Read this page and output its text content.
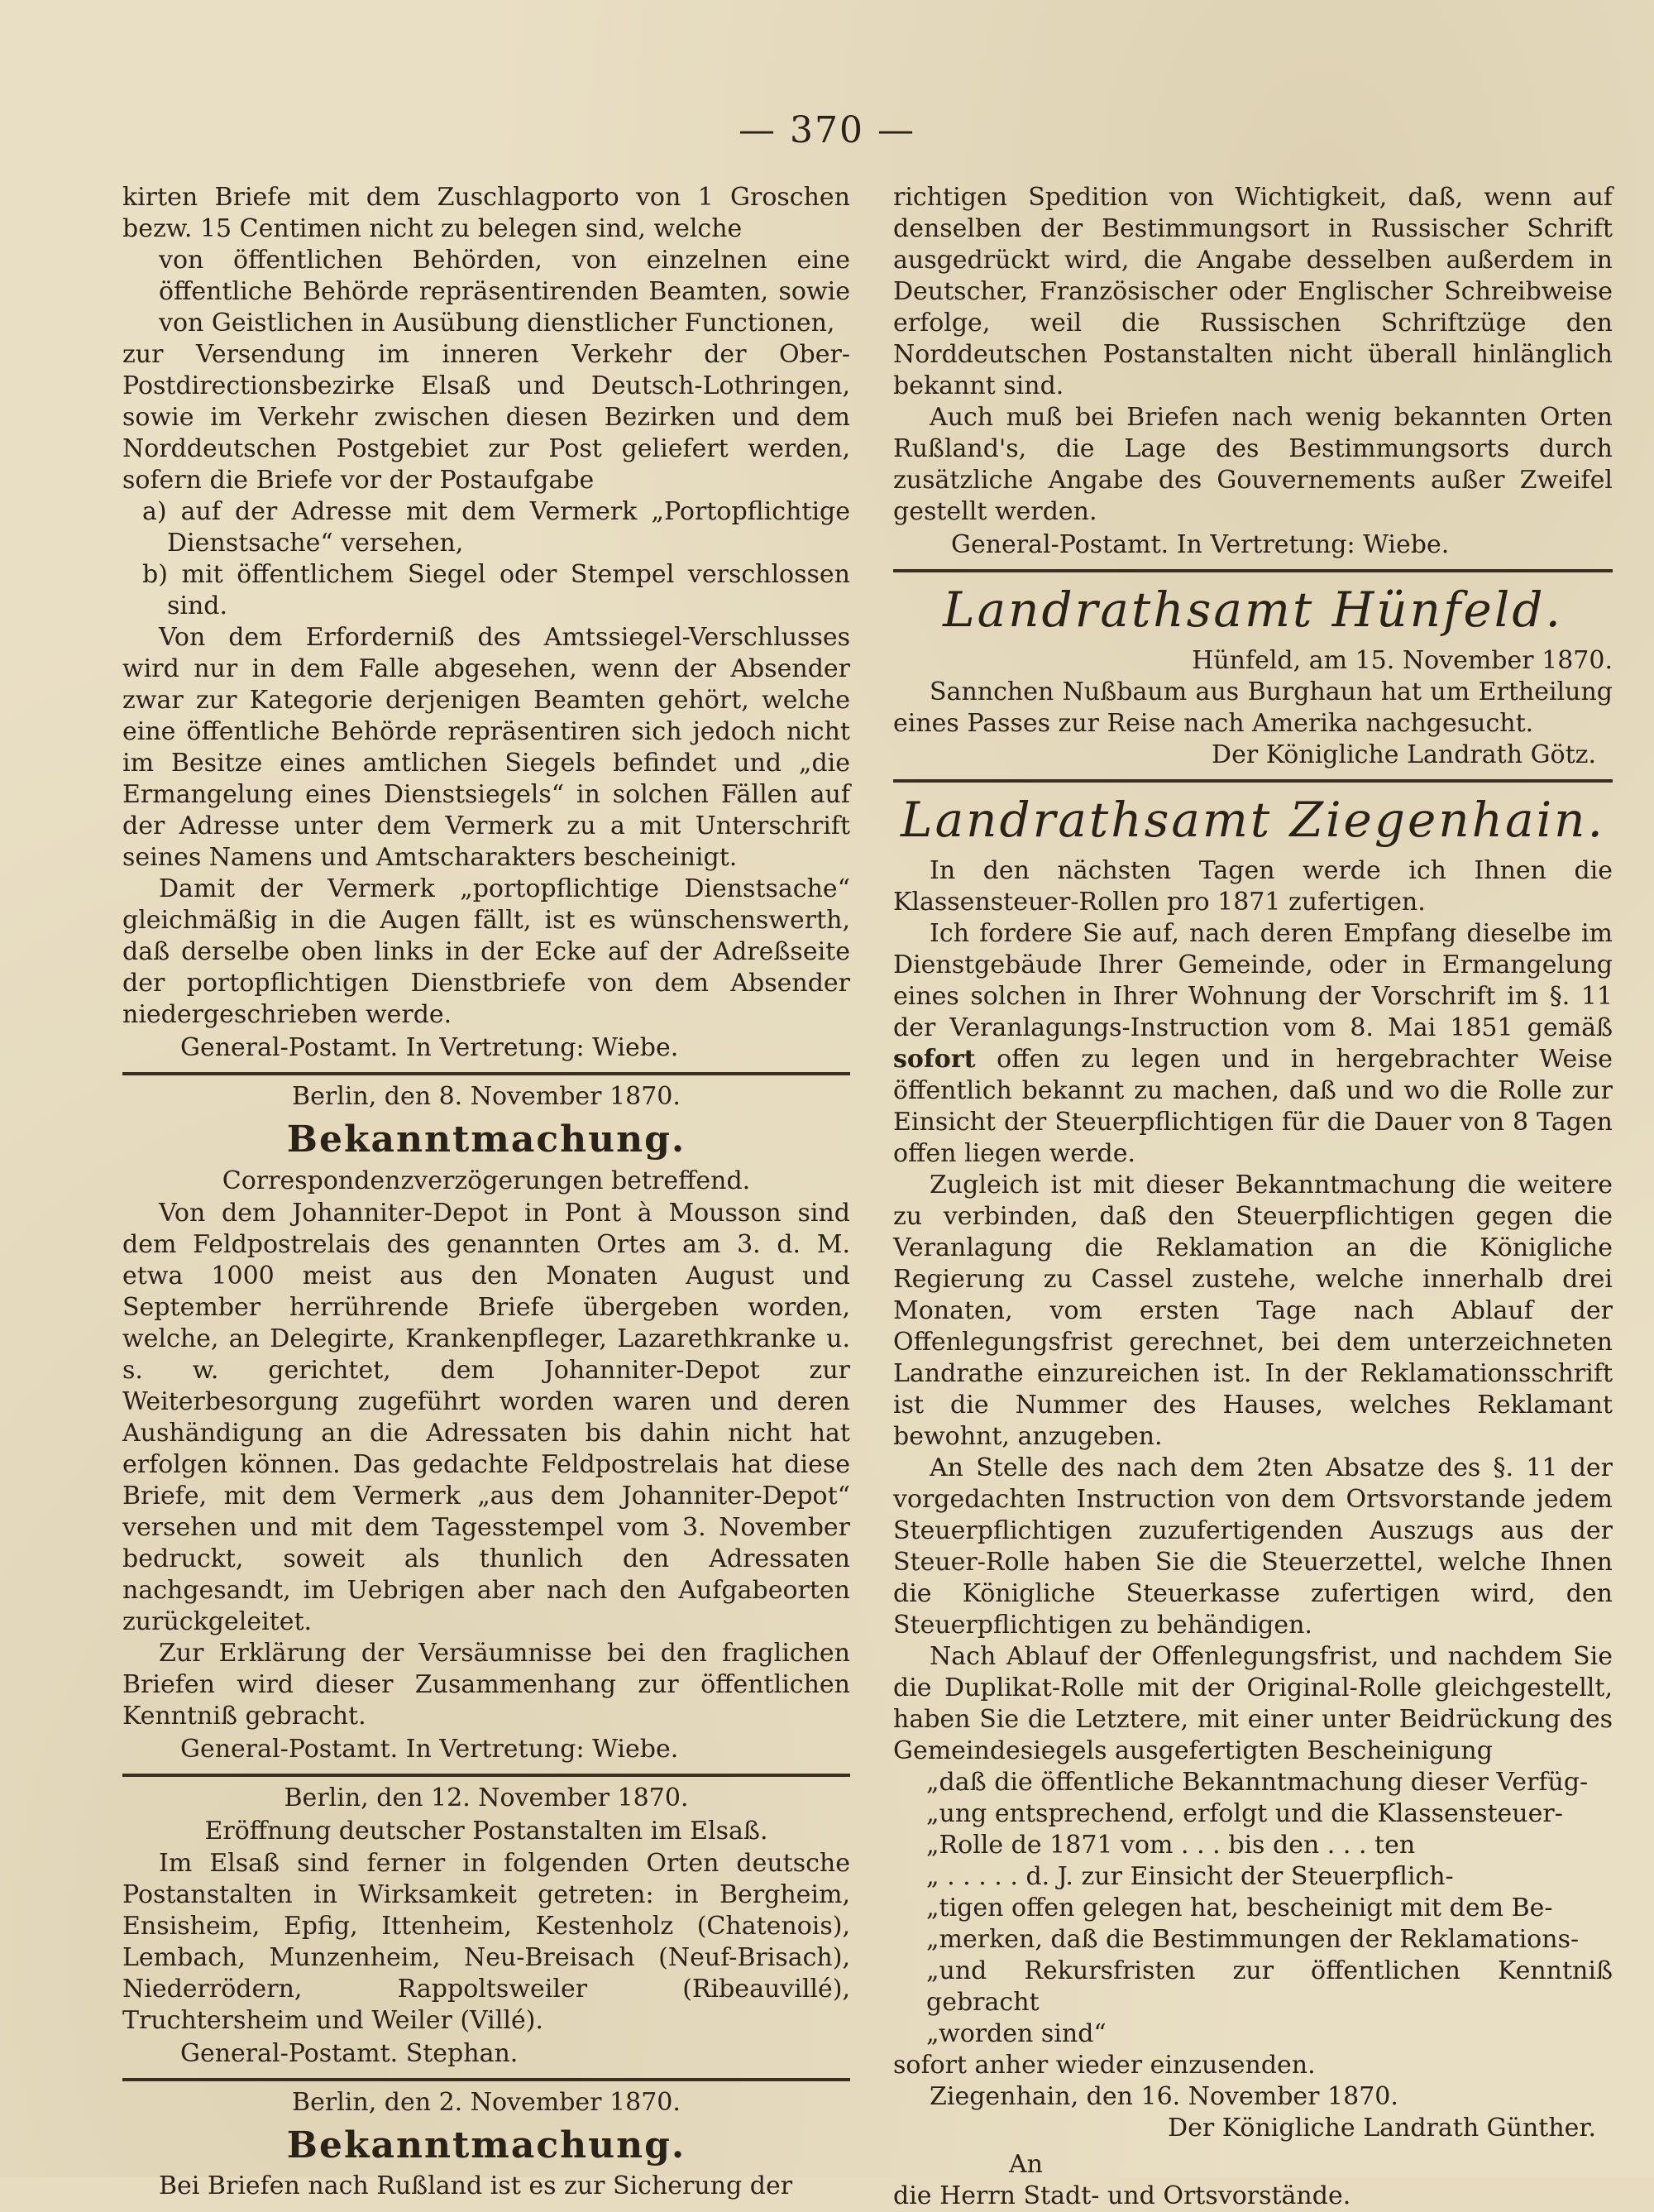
— 370 —

kirten Briefe mit dem Zuschlagporto von 1 Groschen bezw. 15 Centimen nicht zu belegen sind, welche

von öffentlichen Behörden, von einzelnen eine öffentliche Behörde repräsentirenden Beamten, sowie von Geistlichen in Ausübung dienstlicher Functionen,

zur Versendung im inneren Verkehr der Ober-Postdirectionsbezirke Elsaß und Deutsch-Lothringen, sowie im Verkehr zwischen diesen Bezirken und dem Norddeutschen Postgebiet zur Post geliefert werden, sofern die Briefe vor der Postaufgabe

a) auf der Adresse mit dem Vermerk „Portopflichtige Dienstsache“ versehen,

b) mit öffentlichem Siegel oder Stempel verschlossen sind.

Von dem Erforderniß des Amtssiegel-Verschlusses wird nur in dem Falle abgesehen, wenn der Absender zwar zur Kategorie derjenigen Beamten gehört, welche eine öffentliche Behörde repräsentiren sich jedoch nicht im Besitze eines amtlichen Siegels befindet und „die Ermangelung eines Dienstsiegels“ in solchen Fällen auf der Adresse unter dem Vermerk zu a mit Unterschrift seines Namens und Amtscharakters bescheinigt.

Damit der Vermerk „portopflichtige Dienstsache“ gleichmäßig in die Augen fällt, ist es wünschenswerth, daß derselbe oben links in der Ecke auf der Adreßseite der portopflichtigen Dienstbriefe von dem Absender niedergeschrieben werde.

General-Postamt. In Vertretung: Wiebe.

Berlin, den 8. November 1870.

Bekanntmachung.

Correspondenzverzögerungen betreffend.

Von dem Johanniter-Depot in Pont à Mousson sind dem Feldpostrelais des genannten Ortes am 3. d. M. etwa 1000 meist aus den Monaten August und September herrührende Briefe übergeben worden, welche, an Delegirte, Krankenpfleger, Lazarethkranke u. s. w. gerichtet, dem Johanniter-Depot zur Weiterbesorgung zugeführt worden waren und deren Aushändigung an die Adressaten bis dahin nicht hat erfolgen können. Das gedachte Feldpostrelais hat diese Briefe, mit dem Vermerk „aus dem Johanniter-Depot“ versehen und mit dem Tagesstempel vom 3. November bedruckt, soweit als thunlich den Adressaten nachgesandt, im Uebrigen aber nach den Aufgabeorten zurückgeleitet.

Zur Erklärung der Versäumnisse bei den fraglichen Briefen wird dieser Zusammenhang zur öffentlichen Kenntniß gebracht.

General-Postamt. In Vertretung: Wiebe.

Berlin, den 12. November 1870.

Eröffnung deutscher Postanstalten im Elsaß.

Im Elsaß sind ferner in folgenden Orten deutsche Postanstalten in Wirksamkeit getreten: in Bergheim, Ensisheim, Epfig, Ittenheim, Kestenholz (Chatenois), Lembach, Munzenheim, Neu-Breisach (Neuf-Brisach), Niederrödern, Rappoltsweiler (Ribeauvillé), Truchtersheim und Weiler (Villé).

General-Postamt. Stephan.

Berlin, den 2. November 1870.

Bekanntmachung.

Bei Briefen nach Rußland ist es zur Sicherung der

richtigen Spedition von Wichtigkeit, daß, wenn auf denselben der Bestimmungsort in Russischer Schrift ausgedrückt wird, die Angabe desselben außerdem in Deutscher, Französischer oder Englischer Schreibweise erfolge, weil die Russischen Schriftzüge den Norddeutschen Postanstalten nicht überall hinlänglich bekannt sind.

Auch muß bei Briefen nach wenig bekannten Orten Rußland's, die Lage des Bestimmungsorts durch zusätzliche Angabe des Gouvernements außer Zweifel gestellt werden.

General-Postamt. In Vertretung: Wiebe.

Landrathsamt Hünfeld.

Hünfeld, am 15. November 1870.

Sannchen Nußbaum aus Burghaun hat um Ertheilung eines Passes zur Reise nach Amerika nachgesucht.

Der Königliche Landrath Götz.

Landrathsamt Ziegenhain.

In den nächsten Tagen werde ich Ihnen die Klassensteuer-Rollen pro 1871 zufertigen.

Ich fordere Sie auf, nach deren Empfang dieselbe im Dienstgebäude Ihrer Gemeinde, oder in Ermangelung eines solchen in Ihrer Wohnung der Vorschrift im §. 11 der Veranlagungs-Instruction vom 8. Mai 1851 gemäß sofort offen zu legen und in hergebrachter Weise öffentlich bekannt zu machen, daß und wo die Rolle zur Einsicht der Steuerpflichtigen für die Dauer von 8 Tagen offen liegen werde.

Zugleich ist mit dieser Bekanntmachung die weitere zu verbinden, daß den Steuerpflichtigen gegen die Veranlagung die Reklamation an die Königliche Regierung zu Cassel zustehe, welche innerhalb drei Monaten, vom ersten Tage nach Ablauf der Offenlegungsfrist gerechnet, bei dem unterzeichneten Landrathe einzureichen ist. In der Reklamationsschrift ist die Nummer des Hauses, welches Reklamant bewohnt, anzugeben.

An Stelle des nach dem 2ten Absatze des §. 11 der vorgedachten Instruction von dem Ortsvorstande jedem Steuerpflichtigen zuzufertigenden Auszugs aus der Steuer-Rolle haben Sie die Steuerzettel, welche Ihnen die Königliche Steuerkasse zufertigen wird, den Steuerpflichtigen zu behändigen.

Nach Ablauf der Offenlegungsfrist, und nachdem Sie die Duplikat-Rolle mit der Original-Rolle gleichgestellt, haben Sie die Letztere, mit einer unter Beidrückung des Gemeindesiegels ausgefertigten Bescheinigung

„daß die öffentliche Bekanntmachung dieser Verfüg-

„ung entsprechend, erfolgt und die Klassensteuer-

„Rolle de 1871 vom . . . bis den . . . ten

„ . . . . . d. J. zur Einsicht der Steuerpflich-

„tigen offen gelegen hat, bescheinigt mit dem Be-

„merken, daß die Bestimmungen der Reklamations-

„und Rekursfristen zur öffentlichen Kenntniß gebracht

„worden sind“

sofort anher wieder einzusenden.

Ziegenhain, den 16. November 1870.

Der Königliche Landrath Günther.

An

die Herrn Stadt- und Ortsvorstände.
